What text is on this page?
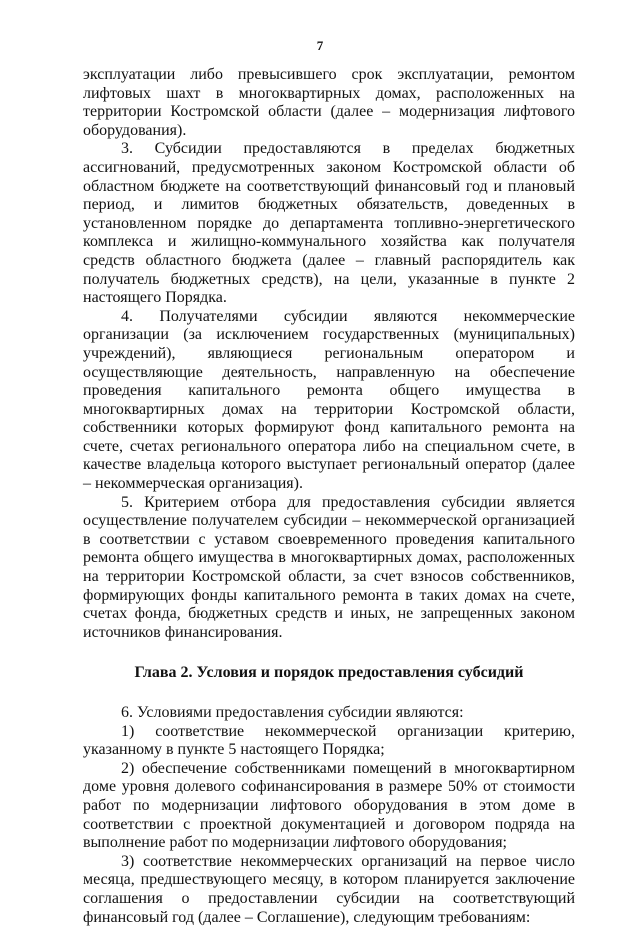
7

эксплуатации либо превысившего срок эксплуатации, ремонтом лифтовых шахт в многоквартирных домах, расположенных на территории Костромской области (далее – модернизация лифтового оборудования).

3. Субсидии предоставляются в пределах бюджетных ассигнований, предусмотренных законом Костромской области об областном бюджете на соответствующий финансовый год и плановый период, и лимитов бюджетных обязательств, доведенных в установленном порядке до департамента топливно-энергетического комплекса и жилищно-коммунального хозяйства как получателя средств областного бюджета (далее – главный распорядитель как получатель бюджетных средств), на цели, указанные в пункте 2 настоящего Порядка.

4. Получателями субсидии являются некоммерческие организации (за исключением государственных (муниципальных) учреждений), являющиеся региональным оператором и осуществляющие деятельность, направленную на обеспечение проведения капитального ремонта общего имущества в многоквартирных домах на территории Костромской области, собственники которых формируют фонд капитального ремонта на счете, счетах регионального оператора либо на специальном счете, в качестве владельца которого выступает региональный оператор (далее – некоммерческая организация).

5. Критерием отбора для предоставления субсидии является осуществление получателем субсидии – некоммерческой организацией в соответствии с уставом своевременного проведения капитального ремонта общего имущества в многоквартирных домах, расположенных на территории Костромской области, за счет взносов собственников, формирующих фонды капитального ремонта в таких домах на счете, счетах фонда, бюджетных средств и иных, не запрещенных законом источников финансирования.

Глава 2. Условия и порядок предоставления субсидий

6. Условиями предоставления субсидии являются:

1) соответствие некоммерческой организации критерию, указанному в пункте 5 настоящего Порядка;

2) обеспечение собственниками помещений в многоквартирном доме уровня долевого софинансирования в размере 50% от стоимости работ по модернизации лифтового оборудования в этом доме в соответствии с проектной документацией и договором подряда на выполнение работ по модернизации лифтового оборудования;

3) соответствие некоммерческих организаций на первое число месяца, предшествующего месяцу, в котором планируется заключение соглашения о предоставлении субсидии на соответствующий финансовый год (далее – Соглашение), следующим требованиям:
